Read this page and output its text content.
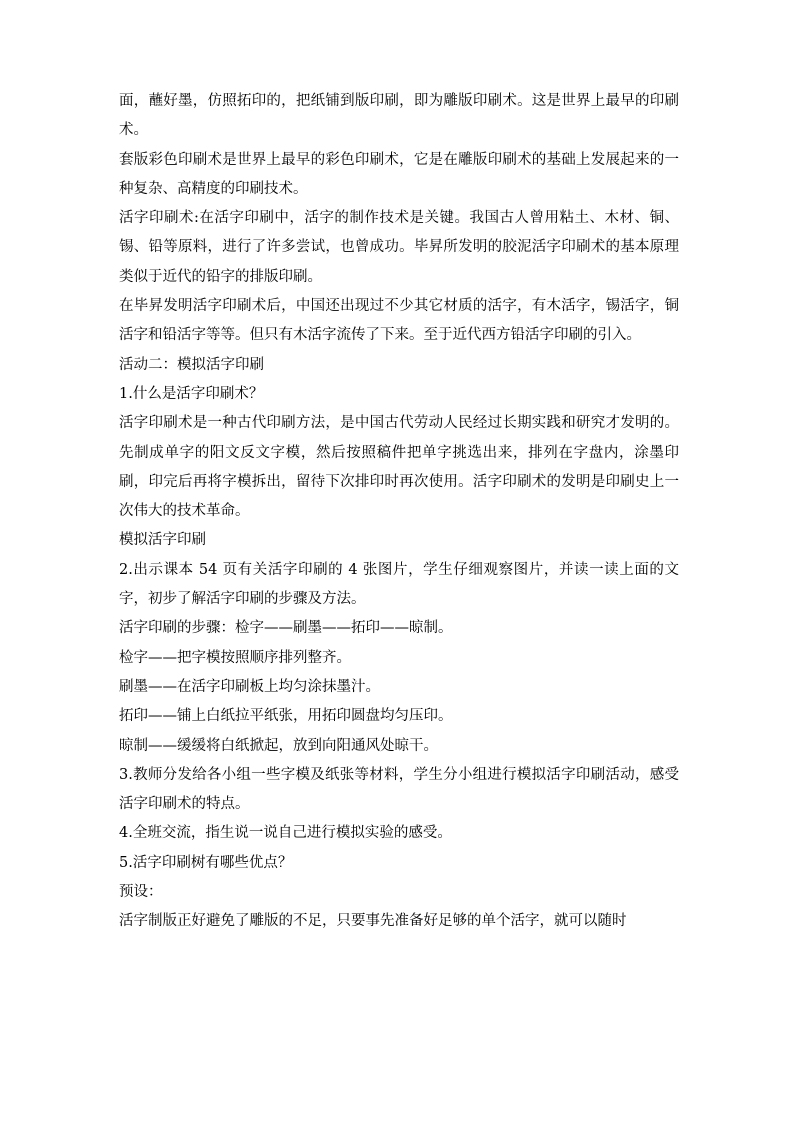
面，蘸好墨，仿照拓印的，把纸铺到版印刷，即为雕版印刷术。这是世界上最早的印刷术。

套版彩色印刷术是世界上最早的彩色印刷术，它是在雕版印刷术的基础上发展起来的一种复杂、高精度的印刷技术。

活字印刷术:在活字印刷中，活字的制作技术是关键。我国古人曾用粘土、木材、铜、锡、铅等原料，进行了许多尝试，也曾成功。毕昇所发明的胶泥活字印刷术的基本原理类似于近代的铅字的排版印刷。

在毕昇发明活字印刷术后，中国还出现过不少其它材质的活字，有木活字，锡活字，铜活字和铅活字等等。但只有木活字流传了下来。至于近代西方铅活字印刷的引入。

活动二：模拟活字印刷

1.什么是活字印刷术？

活字印刷术是一种古代印刷方法，是中国古代劳动人民经过长期实践和研究才发明的。先制成单字的阳文反文字模，然后按照稿件把单字挑选出来，排列在字盘内，涂墨印刷，印完后再将字模拆出，留待下次排印时再次使用。活字印刷术的发明是印刷史上一次伟大的技术革命。

模拟活字印刷

2.出示课本 54 页有关活字印刷的 4 张图片，学生仔细观察图片，并读一读上面的文字，初步了解活字印刷的步骤及方法。

活字印刷的步骤：检字——刷墨——拓印——晾制。

检字——把字模按照顺序排列整齐。

刷墨——在活字印刷板上均匀涂抹墨汁。

拓印——铺上白纸拉平纸张，用拓印圆盘均匀压印。

晾制——缓缓将白纸掀起，放到向阳通风处晾干。

3.教师分发给各小组一些字模及纸张等材料，学生分小组进行模拟活字印刷活动，感受活字印刷术的特点。

4.全班交流，指生说一说自己进行模拟实验的感受。

5.活字印刷树有哪些优点？

预设：

活字制版正好避免了雕版的不足，只要事先准备好足够的单个活字，就可以随时
